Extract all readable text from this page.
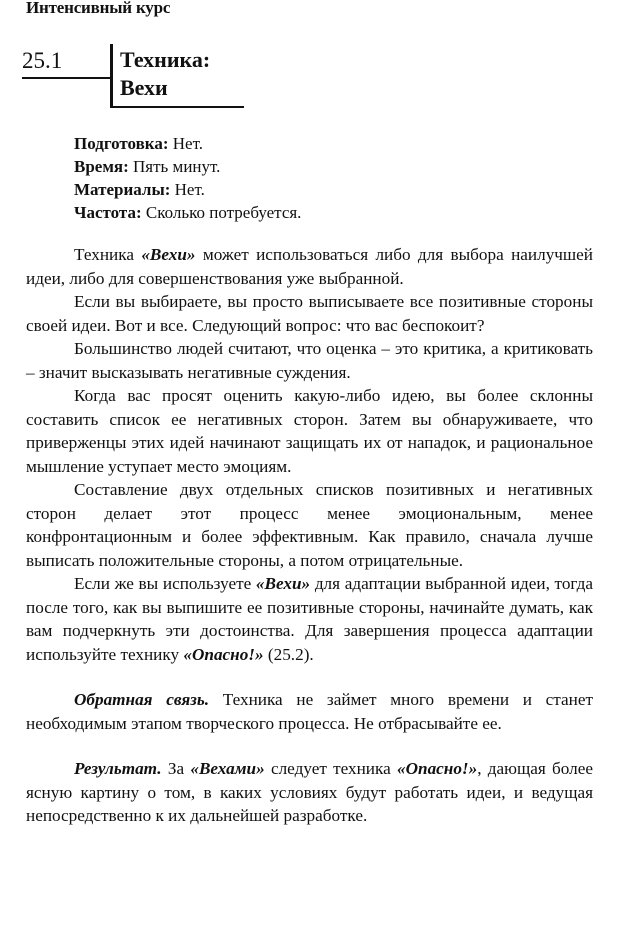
Интенсивный курс
25.1	Техника:
Вехи
Подготовка: Нет.
Время: Пять минут.
Материалы: Нет.
Частота: Сколько потребуется.

Техника «Вехи» может использоваться либо для выбора наилучшей идеи, либо для совершенствования уже выбранной.

Если вы выбираете, вы просто выписываете все позитивные стороны своей идеи. Вот и все. Следующий вопрос: что вас беспокоит?

Большинство людей считают, что оценка – это критика, а критиковать – значит высказывать негативные суждения.

Когда вас просят оценить какую-либо идею, вы более склонны составить список ее негативных сторон. Затем вы обнаруживаете, что приверженцы этих идей начинают защищать их от нападок, и рациональное мышление уступает место эмоциям.

Составление двух отдельных списков позитивных и негативных сторон делает этот процесс менее эмоциональным, менее конфронтационным и более эффективным. Как правило, сначала лучше выписать положительные стороны, а потом отрицательные.

Если же вы используете «Вехи» для адаптации выбранной идеи, тогда после того, как вы выпишите ее позитивные стороны, начинайте думать, как вам подчеркнуть эти достоинства. Для завершения процесса адаптации используйте технику «Опасно!» (25.2).

Обратная связь. Техника не займет много времени и станет необходимым этапом творческого процесса. Не отбрасывайте ее.

Результат. За «Вехами» следует техника «Опасно!», дающая более ясную картину о том, в каких условиях будут работать идеи, и ведущая непосредственно к их дальнейшей разработке.
